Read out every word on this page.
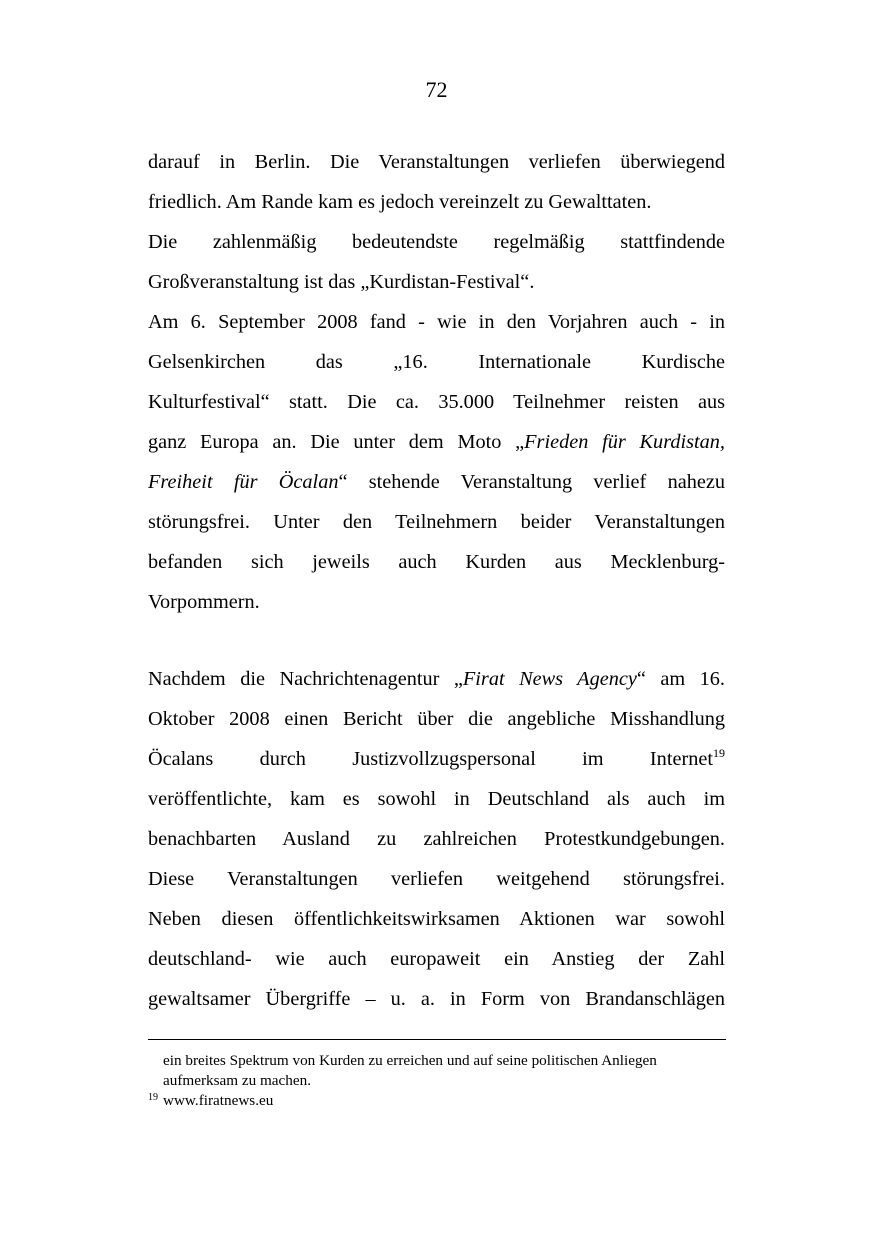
72
darauf in Berlin. Die Veranstaltungen verliefen überwiegend
friedlich. Am Rande kam es jedoch vereinzelt zu Gewalttaten.
Die zahlenmäßig bedeutendste regelmäßig stattfindende
Großveranstaltung ist das „Kurdistan-Festival“.
Am 6. September 2008 fand - wie in den Vorjahren auch - in
Gelsenkirchen das „16. Internationale Kurdische
Kulturfestival“ statt. Die ca. 35.000 Teilnehmer reisten aus
ganz Europa an. Die unter dem Moto „Frieden für Kurdistan,
Freiheit für Öcalan“ stehende Veranstaltung verlief nahezu
störungsfrei. Unter den Teilnehmern beider Veranstaltungen
befanden sich jeweils auch Kurden aus Mecklenburg-
Vorpommern.
Nachdem die Nachrichtenagentur „Firat News Agency“ am 16.
Oktober 2008 einen Bericht über die angebliche Misshandlung
Öcalans durch Justizvollzugspersonal im Internet$^{19}$
veröffentlichte, kam es sowohl in Deutschland als auch im
benachbarten Ausland zu zahlreichen Protestkundgebungen.
Diese Veranstaltungen verliefen weitgehend störungsfrei.
Neben diesen öffentlichkeitswirksamen Aktionen war sowohl
deutschland- wie auch europaweit ein Anstieg der Zahl
gewaltsamer Übergriffe – u. a. in Form von Brandanschlägen
ein breites Spektrum von Kurden zu erreichen und auf seine politischen Anliegen
aufmerksam zu machen.
19 www.firatnews.eu
